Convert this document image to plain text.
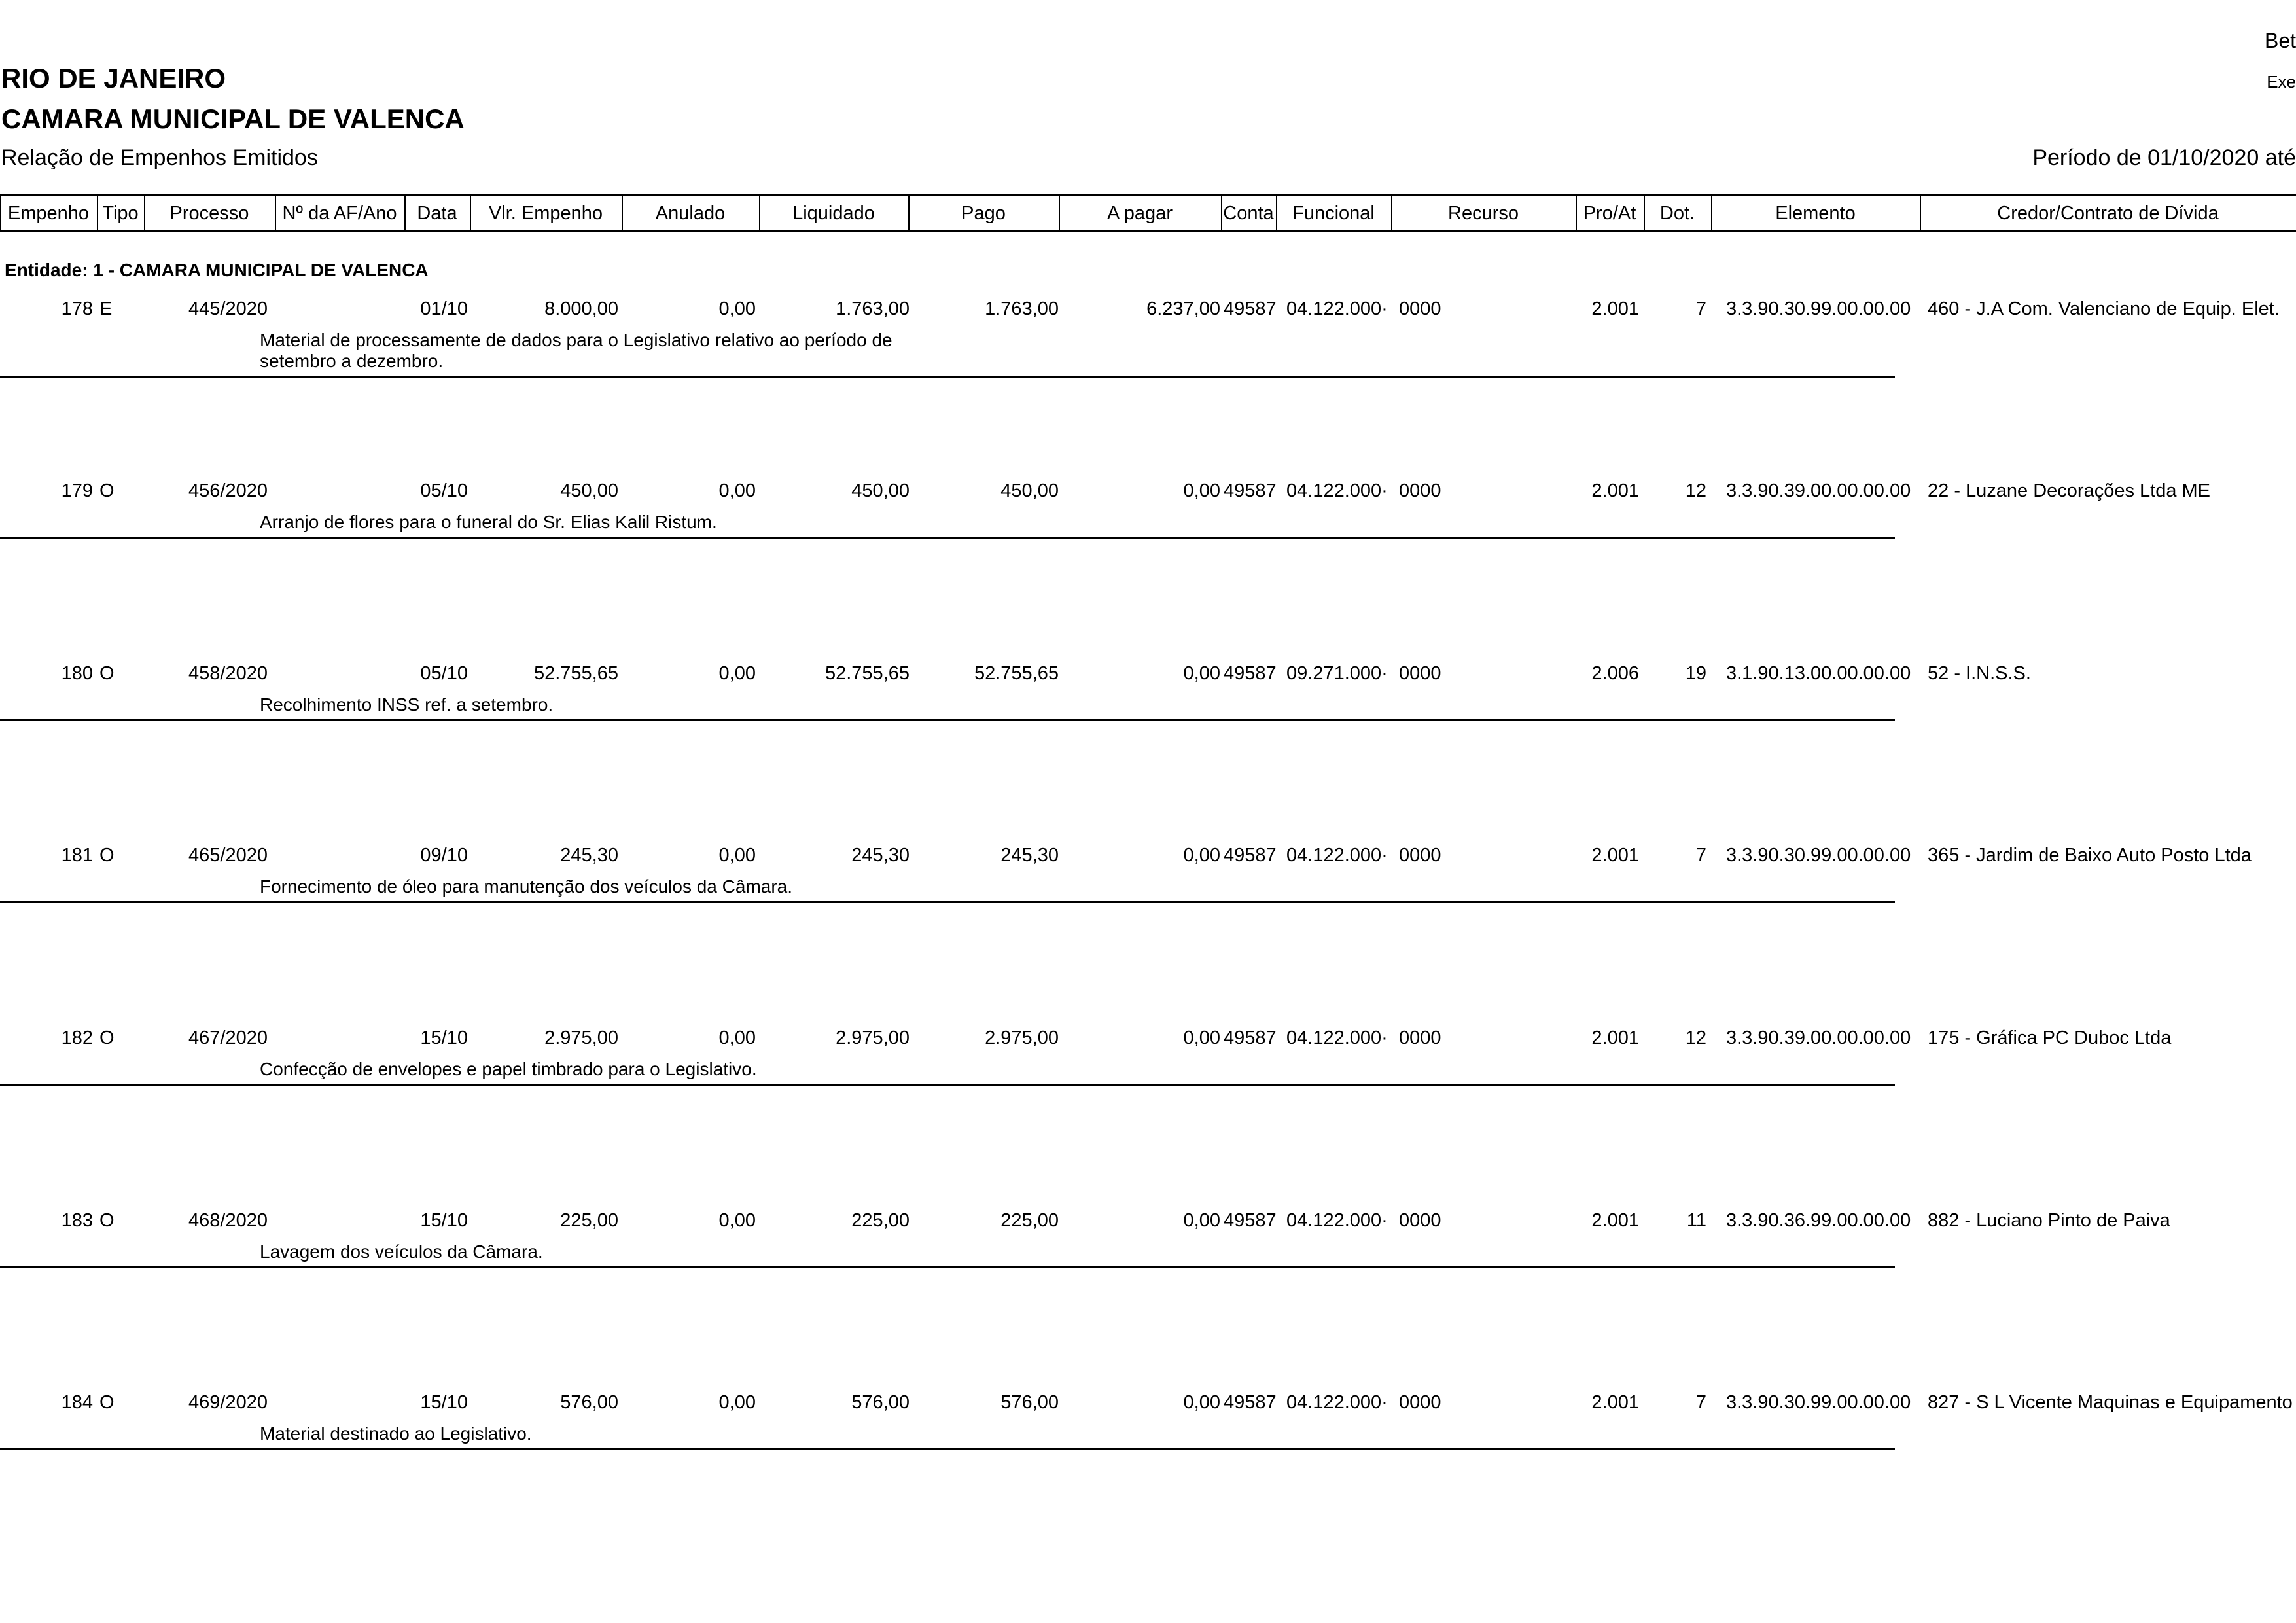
RIO DE JANEIRO
CAMARA MUNICIPAL DE VALENCA
Relação de Empenhos Emitidos
Bet
Exe
Período de 01/10/2020 até
Empenho Tipo	Processo	Nº da AF/Ano	Data	Vlr. Empenho	Anulado	Liquidado	Pago	A pagar	Conta Funcional	Recurso	Pro/At	Dot.	Elemento	Credor/Contrato de Dívida
Entidade: 1 - CAMARA MUNICIPAL DE VALENCA
178 E	445/2020	01/10	8.000,00	0,00	1.763,00	1.763,00	6.237,00 49587 04.122.000· 0000	2.001	7 3.3.90.30.99.00.00.00 460 - J.A Com. Valenciano de Equip. Elet.
Material de processamente de dados para o Legislativo relativo ao período de setembro a dezembro.
179 O	456/2020	05/10	450,00	0,00	450,00	450,00	0,00 49587 04.122.000· 0000	2.001	12 3.3.90.39.00.00.00.00 22 - Luzane Decorações Ltda ME
Arranjo de flores para o funeral do Sr. Elias Kalil Ristum.
180 O	458/2020	05/10	52.755,65	0,00	52.755,65	52.755,65	0,00 49587 09.271.000· 0000	2.006	19 3.1.90.13.00.00.00.00 52 - I.N.S.S.
Recolhimento INSS ref. a setembro.
181 O	465/2020	09/10	245,30	0,00	245,30	245,30	0,00 49587 04.122.000· 0000	2.001	7 3.3.90.30.99.00.00.00 365 - Jardim de Baixo Auto Posto Ltda
Fornecimento de óleo para manutenção dos veículos da Câmara.
182 O	467/2020	15/10	2.975,00	0,00	2.975,00	2.975,00	0,00 49587 04.122.000· 0000	2.001	12 3.3.90.39.00.00.00.00 175 - Gráfica PC Duboc Ltda
Confecção de envelopes e papel timbrado para o Legislativo.
183 O	468/2020	15/10	225,00	0,00	225,00	225,00	0,00 49587 04.122.000· 0000	2.001	11 3.3.90.36.99.00.00.00 882 - Luciano Pinto de Paiva
Lavagem dos veículos da Câmara.
184 O	469/2020	15/10	576,00	0,00	576,00	576,00	0,00 49587 04.122.000· 0000	2.001	7 3.3.90.30.99.00.00.00 827 - S L Vicente Maquinas e Equipamento
Material destinado ao Legislativo.
